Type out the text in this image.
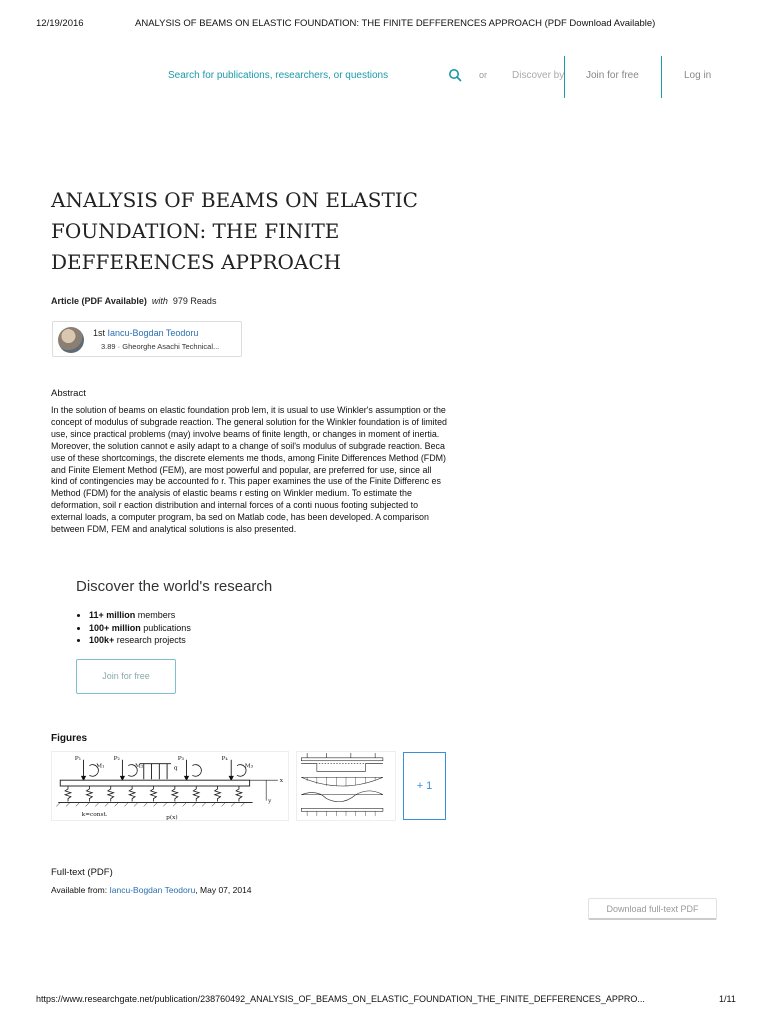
12/19/2016	ANALYSIS OF BEAMS ON ELASTIC FOUNDATION: THE FINITE DEFFERENCES APPROACH (PDF Download Available)
Search for publications, researchers, or questions	or Discover by Join for free	Log in
ANALYSIS OF BEAMS ON ELASTIC FOUNDATION: THE FINITE DEFFERENCES APPROACH
Article (PDF Available) with 979 Reads
1st Iancu-Bogdan Teodoru
3.89 · Gheorghe Asachi Technical...
Abstract
In the solution of beams on elastic foundation prob lem, it is usual to use Winkler's assumption or the concept of modulus of subgrade reaction. The general solution for the Winkler foundation is of limited use, since practical problems (may) involve beams of finite length, or changes in moment of inertia. Moreover, the solution cannot e asily adapt to a change of soil's modulus of subgrade reaction. Beca use of these shortcomings, the discrete elements me thods, among Finite Differences Method (FDM) and Finite Element Method (FEM), are most powerful and popular, are preferred for use, since all kind of contingencies may be accounted fo r. This paper examines the use of the Finite Differenc es Method (FDM) for the analysis of elastic beams r esting on Winkler medium. To estimate the deformation, soil r eaction distribution and internal forces of a conti nuous footing subjected to external loads, a computer program, ba sed on Matlab code, has been developed. A comparison between FDM, FEM and analytical solutions is also presented.
Discover the world's research
• 11+ million members
• 100+ million publications
• 100k+ research projects
Join for free
Figures
P₁
M₁
P₂
M₂	q
P₃	P₄
M₃
x
y
k=const.	p(x)
+ 1
Full-text (PDF)
Available from: Iancu-Bogdan Teodoru, May 07, 2014
Download full-text PDF
https://www.researchgate.net/publication/238760492_ANALYSIS_OF_BEAMS_ON_ELASTIC_FOUNDATION_THE_FINITE_DEFFERENCES_APPRO...	1/11
